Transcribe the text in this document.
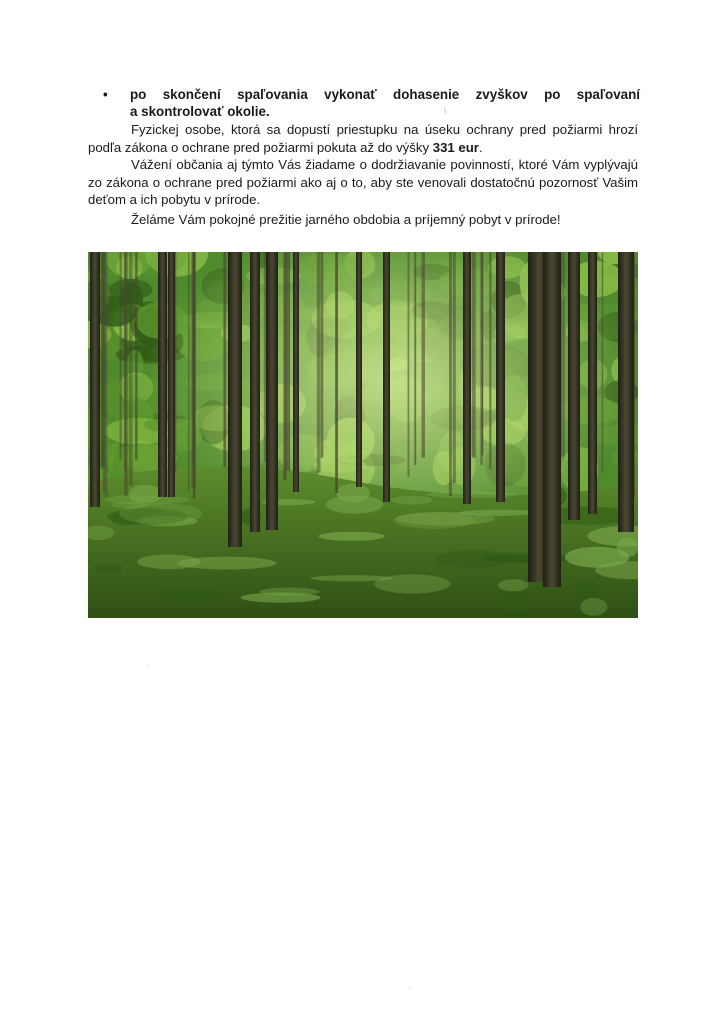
•	po skončení spaľovania vykonať dohasenie zvyškov po spaľovaní
a skontrolovať okolie.
Fyzickej osobe, ktorá sa dopustí priestupku na úseku ochrany pred požiarmi hrozí
podľa zákona o ochrane pred požiarmi pokuta až do výšky 331 eur.
Vážení občania aj týmto Vás žiadame o dodržiavanie povinností, ktoré Vám vyplývajú
zo zákona o ochrane pred požiarmi ako aj o to, aby ste venovali dostatočnú pozornosť Vašim
deťom a ich pobytu v prírode.
Želáme Vám pokojné prežitie jarného obdobia a príjemný pobyt v prírode!
\
·
·
